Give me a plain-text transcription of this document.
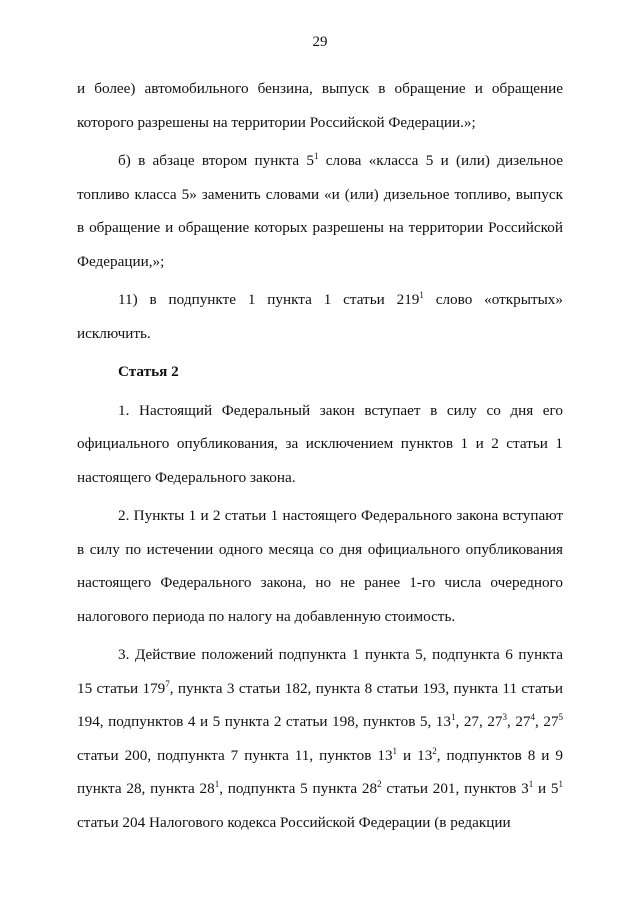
29

и более) автомобильного бензина, выпуск в обращение и обращение которого разрешены на территории Российской Федерации.»;

б) в абзаце втором пункта $5^1$ слова «класса 5 и (или) дизельное топливо класса 5» заменить словами «и (или) дизельное топливо, выпуск в обращение и обращение которых разрешены на территории Российской Федерации,»;

11) в подпункте 1 пункта 1 статьи $219^1$ слово «открытых» исключить.

Статья 2

1. Настоящий Федеральный закон вступает в силу со дня его официального опубликования, за исключением пунктов 1 и 2 статьи 1 настоящего Федерального закона.

2. Пункты 1 и 2 статьи 1 настоящего Федерального закона вступают в силу по истечении одного месяца со дня официального опубликования настоящего Федерального закона, но не ранее 1-го числа очередного налогового периода по налогу на добавленную стоимость.

3. Действие положений подпункта 1 пункта 5, подпункта 6 пункта 15 статьи $179^7$, пункта 3 статьи 182, пункта 8 статьи 193, пункта 11 статьи 194, подпунктов 4 и 5 пункта 2 статьи 198, пунктов 5, $13^1$, 27, $27^3$, $27^4$, $27^5$ статьи 200, подпункта 7 пункта 11, пунктов $13^1$ и $13^2$, подпунктов 8 и 9 пункта 28, пункта $28^1$, подпункта 5 пункта $28^2$ статьи 201, пунктов $3^1$ и $5^1$ статьи 204 Налогового кодекса Российской Федерации (в редакции
